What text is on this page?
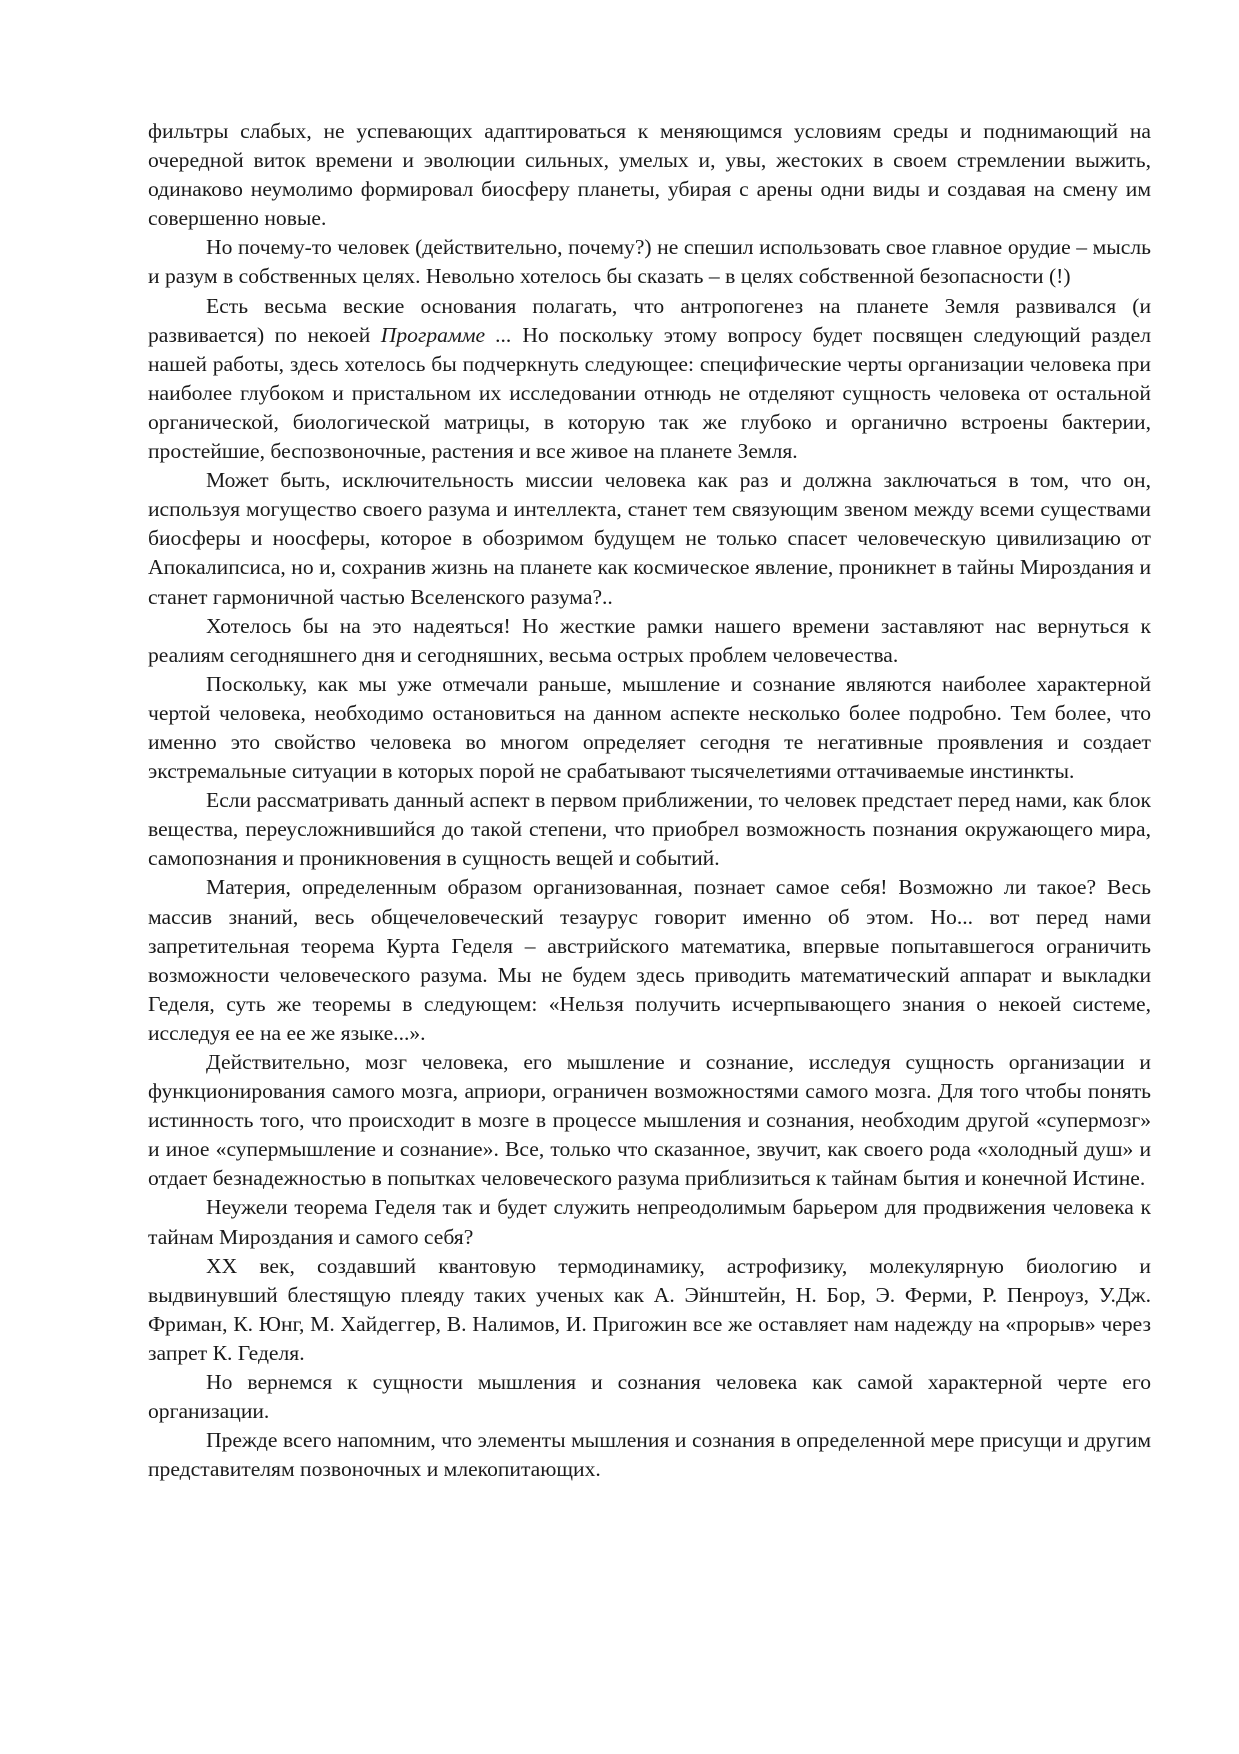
фильтры слабых, не успевающих адаптироваться к меняющимся условиям среды и поднимающий на очередной виток времени и эволюции сильных, умелых и, увы, жестоких в своем стремлении выжить, одинаково неумолимо формировал биосферу планеты, убирая с арены одни виды и создавая на смену им совершенно новые.

Но почему-то человек (действительно, почему?) не спешил использовать свое главное орудие – мысль и разум в собственных целях. Невольно хотелось бы сказать – в целях собственной безопасности (!)

Есть весьма веские основания полагать, что антропогенез на планете Земля развивался (и развивается) по некоей Программе ... Но поскольку этому вопросу будет посвящен следующий раздел нашей работы, здесь хотелось бы подчеркнуть следующее: специфические черты организации человека при наиболее глубоком и пристальном их исследовании отнюдь не отделяют сущность человека от остальной органической, биологической матрицы, в которую так же глубоко и органично встроены бактерии, простейшие, беспозвоночные, растения и все живое на планете Земля.

Может быть, исключительность миссии человека как раз и должна заключаться в том, что он, используя могущество своего разума и интеллекта, станет тем связующим звеном между всеми существами биосферы и ноосферы, которое в обозримом будущем не только спасет человеческую цивилизацию от Апокалипсиса, но и, сохранив жизнь на планете как космическое явление, проникнет в тайны Мироздания и станет гармоничной частью Вселенского разума?..

Хотелось бы на это надеяться! Но жесткие рамки нашего времени заставляют нас вернуться к реалиям сегодняшнего дня и сегодняшних, весьма острых проблем человечества.

Поскольку, как мы уже отмечали раньше, мышление и сознание являются наиболее характерной чертой человека, необходимо остановиться на данном аспекте несколько более подробно. Тем более, что именно это свойство человека во многом определяет сегодня те негативные проявления и создает экстремальные ситуации в которых порой не срабатывают тысячелетиями оттачиваемые инстинкты.

Если рассматривать данный аспект в первом приближении, то человек предстает перед нами, как блок вещества, переусложнившийся до такой степени, что приобрел возможность познания окружающего мира, самопознания и проникновения в сущность вещей и событий.

Материя, определенным образом организованная, познает самое себя! Возможно ли такое? Весь массив знаний, весь общечеловеческий тезаурус говорит именно об этом. Но... вот перед нами запретительная теорема Курта Геделя – австрийского математика, впервые попытавшегося ограничить возможности человеческого разума. Мы не будем здесь приводить математический аппарат и выкладки Геделя, суть же теоремы в следующем: «Нельзя получить исчерпывающего знания о некоей системе, исследуя ее на ее же языке...».

Действительно, мозг человека, его мышление и сознание, исследуя сущность организации и функционирования самого мозга, априори, ограничен возможностями самого мозга. Для того чтобы понять истинность того, что происходит в мозге в процессе мышления и сознания, необходим другой «супермозг» и иное «супермышление и сознание». Все, только что сказанное, звучит, как своего рода «холодный душ» и отдает безнадежностью в попытках человеческого разума приблизиться к тайнам бытия и конечной Истине.

Неужели теорема Геделя так и будет служить непреодолимым барьером для продвижения человека к тайнам Мироздания и самого себя?

XX век, создавший квантовую термодинамику, астрофизику, молекулярную биологию и выдвинувший блестящую плеяду таких ученых как А. Эйнштейн, Н. Бор, Э. Ферми, Р. Пенроуз, У.Дж. Фриман, К. Юнг, М. Хайдеггер, В. Налимов, И. Пригожин все же оставляет нам надежду на «прорыв» через запрет К. Геделя.

Но вернемся к сущности мышления и сознания человека как самой характерной черте его организации.

Прежде всего напомним, что элементы мышления и сознания в определенной мере присущи и другим представителям позвоночных и млекопитающих.
